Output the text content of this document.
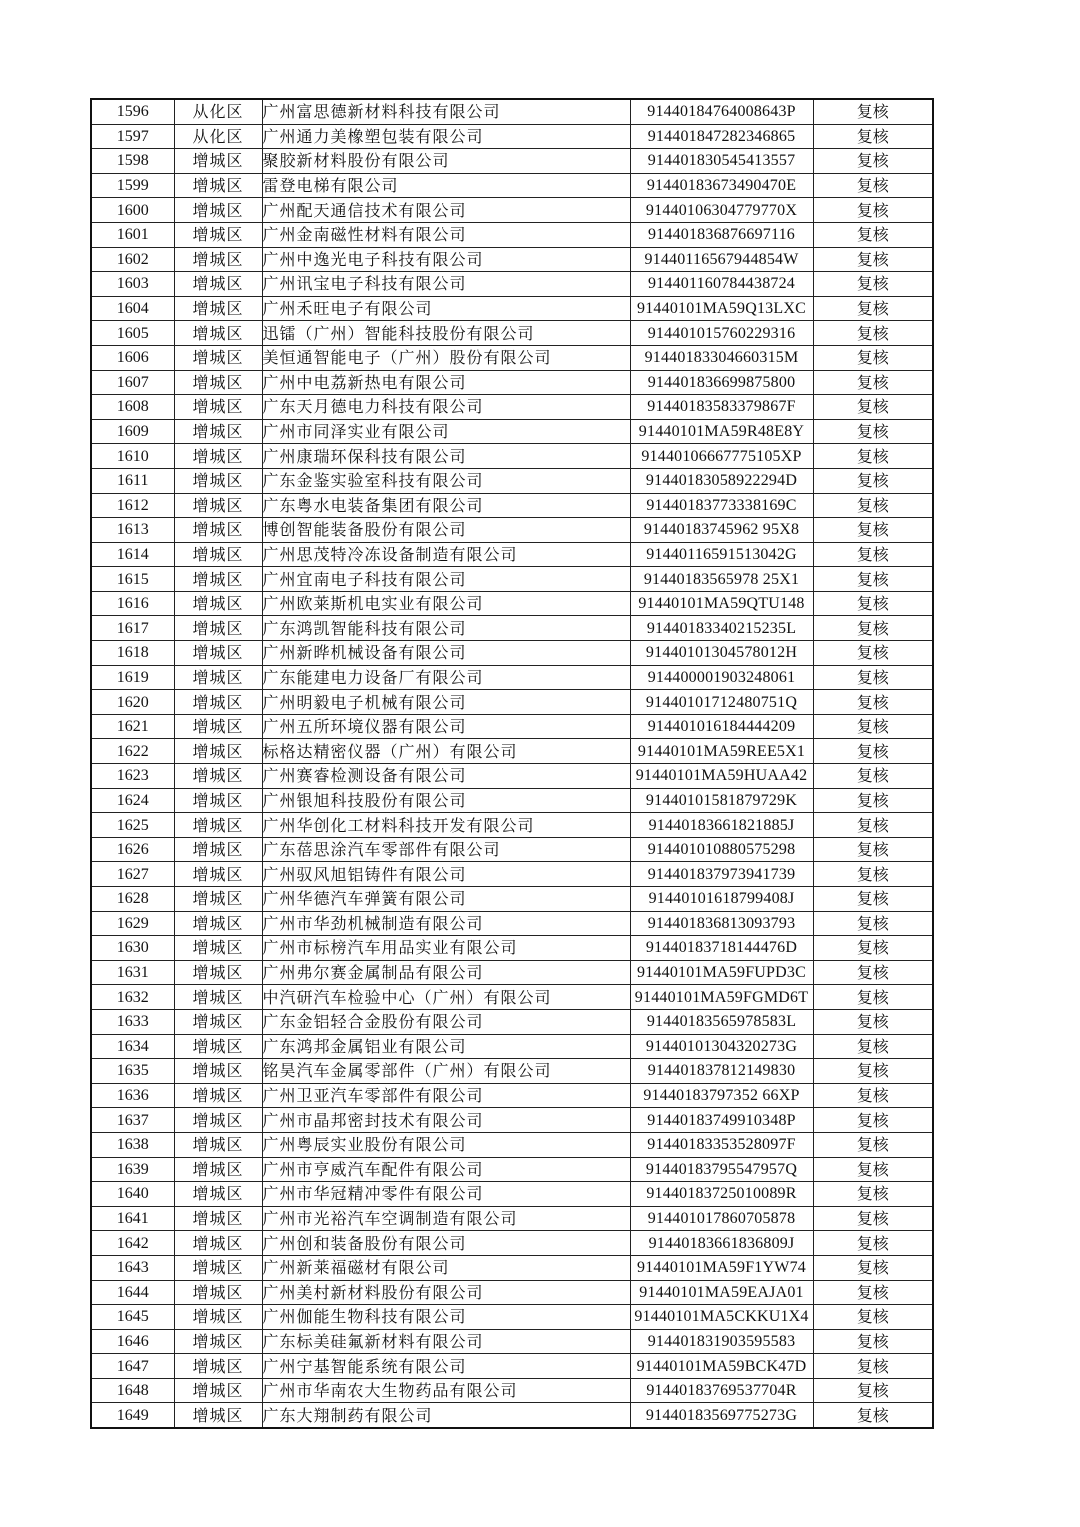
1596	从化区	广州富思德新材料科技有限公司	91440184764008643P	复核
1597	从化区	广州通力美橡塑包装有限公司	914401847282346865	复核
1598	增城区	聚胶新材料股份有限公司	914401830545413557	复核
1599	增城区	雷登电梯有限公司	91440183673490470E	复核
1600	增城区	广州配天通信技术有限公司	91440106304779770X	复核
1601	增城区	广州金南磁性材料有限公司	914401836876697116	复核
1602	增城区	广州中逸光电子科技有限公司	91440116567944854W	复核
1603	增城区	广州讯宝电子科技有限公司	914401160784438724	复核
1604	增城区	广州禾旺电子有限公司	91440101MA59Q13LXC	复核
1605	增城区	迅镭（广州）智能科技股份有限公司	914401015760229316	复核
1606	增城区	美恒通智能电子（广州）股份有限公司	91440183304660315M	复核
1607	增城区	广州中电荔新热电有限公司	914401836699875800	复核
1608	增城区	广东天月德电力科技有限公司	91440183583379867F	复核
1609	增城区	广州市同泽实业有限公司	91440101MA59R48E8Y	复核
1610	增城区	广州康瑞环保科技有限公司	91440106667775105XP	复核
1611	增城区	广东金鉴实验室科技有限公司	91440183058922294D	复核
1612	增城区	广东粤水电装备集团有限公司	91440183773338169C	复核
1613	增城区	博创智能装备股份有限公司	91440183745962 95X8	复核
1614	增城区	广州思茂特冷冻设备制造有限公司	91440116591513042G	复核
1615	增城区	广州宜南电子科技有限公司	91440183565978 25X1	复核
1616	增城区	广州欧莱斯机电实业有限公司	91440101MA59QTU148	复核
1617	增城区	广东鸿凯智能科技有限公司	91440183340215235L	复核
1618	增城区	广州新晔机械设备有限公司	91440101304578012H	复核
1619	增城区	广东能建电力设备厂有限公司	914400001903248061	复核
1620	增城区	广州明毅电子机械有限公司	91440101712480751Q	复核
1621	增城区	广州五所环境仪器有限公司	914401016184444209	复核
1622	增城区	标格达精密仪器（广州）有限公司	91440101MA59REE5X1	复核
1623	增城区	广州赛睿检测设备有限公司	91440101MA59HUAA42	复核
1624	增城区	广州银旭科技股份有限公司	91440101581879729K	复核
1625	增城区	广州华创化工材料科技开发有限公司	91440183661821885J	复核
1626	增城区	广东蓓思涂汽车零部件有限公司	914401010880575298	复核
1627	增城区	广州驭风旭铝铸件有限公司	914401837973941739	复核
1628	增城区	广州华德汽车弹簧有限公司	91440101618799408J	复核
1629	增城区	广州市华劲机械制造有限公司	914401836813093793	复核
1630	增城区	广州市标榜汽车用品实业有限公司	91440183718144476D	复核
1631	增城区	广州弗尔赛金属制品有限公司	91440101MA59FUPD3C	复核
1632	增城区	中汽研汽车检验中心（广州）有限公司	91440101MA59FGMD6T	复核
1633	增城区	广东金铝轻合金股份有限公司	91440183565978583L	复核
1634	增城区	广东鸿邦金属铝业有限公司	91440101304320273G	复核
1635	增城区	铭昊汽车金属零部件（广州）有限公司	914401837812149830	复核
1636	增城区	广州卫亚汽车零部件有限公司	91440183797352 66XP	复核
1637	增城区	广州市晶邦密封技术有限公司	91440183749910348P	复核
1638	增城区	广州粤辰实业股份有限公司	91440183353528097F	复核
1639	增城区	广州市亨威汽车配件有限公司	91440183795547957Q	复核
1640	增城区	广州市华冠精冲零件有限公司	91440183725010089R	复核
1641	增城区	广州市光裕汽车空调制造有限公司	914401017860705878	复核
1642	增城区	广州创和装备股份有限公司	91440183661836809J	复核
1643	增城区	广州新莱福磁材有限公司	91440101MA59F1YW74	复核
1644	增城区	广州美村新材料股份有限公司	91440101MA59EAJA01	复核
1645	增城区	广州伽能生物科技有限公司	91440101MA5CKKU1X4	复核
1646	增城区	广东标美硅氟新材料有限公司	914401831903595583	复核
1647	增城区	广州宁基智能系统有限公司	91440101MA59BCK47D	复核
1648	增城区	广州市华南农大生物药品有限公司	91440183769537704R	复核
1649	增城区	广东大翔制药有限公司	91440183569775273G	复核
